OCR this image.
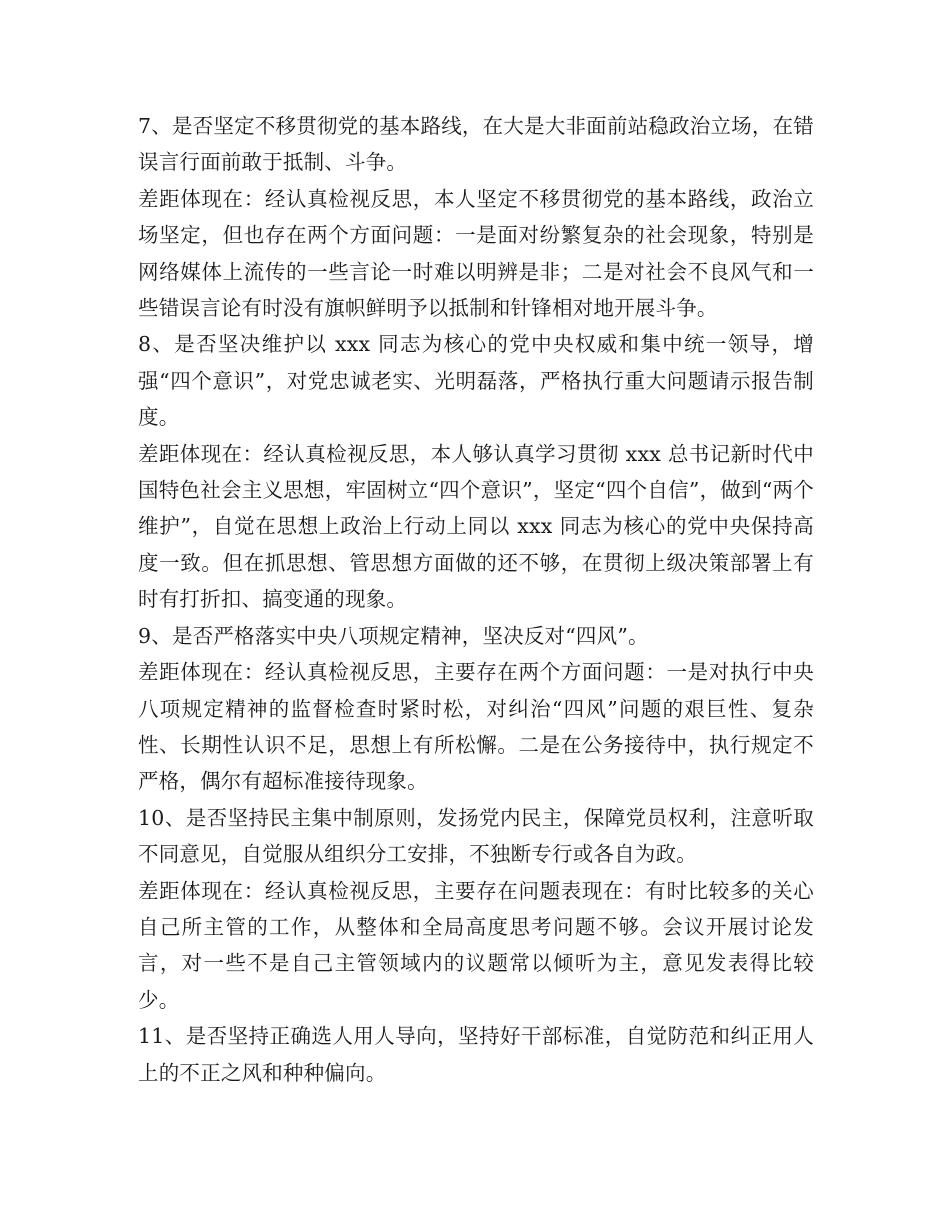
7、是否坚定不移贯彻党的基本路线，在大是大非面前站稳政治立场，在错误言行面前敢于抵制、斗争。

差距体现在：经认真检视反思，本人坚定不移贯彻党的基本路线，政治立场坚定，但也存在两个方面问题：一是面对纷繁复杂的社会现象，特别是网络媒体上流传的一些言论一时难以明辨是非；二是对社会不良风气和一些错误言论有时没有旗帜鲜明予以抵制和针锋相对地开展斗争。

8、是否坚决维护以 xxx 同志为核心的党中央权威和集中统一领导，增强“四个意识”，对党忠诚老实、光明磊落，严格执行重大问题请示报告制度。

差距体现在：经认真检视反思，本人够认真学习贯彻 xxx 总书记新时代中国特色社会主义思想，牢固树立“四个意识”，坚定“四个自信”，做到“两个维护”，自觉在思想上政治上行动上同以 xxx 同志为核心的党中央保持高度一致。但在抓思想、管思想方面做的还不够，在贯彻上级决策部署上有时有打折扣、搞变通的现象。

9、是否严格落实中央八项规定精神，坚决反对“四风”。

差距体现在：经认真检视反思，主要存在两个方面问题：一是对执行中央八项规定精神的监督检查时紧时松，对纠治“四风”问题的艰巨性、复杂性、长期性认识不足，思想上有所松懈。二是在公务接待中，执行规定不严格，偶尔有超标准接待现象。

10、是否坚持民主集中制原则，发扬党内民主，保障党员权利，注意听取不同意见，自觉服从组织分工安排，不独断专行或各自为政。

差距体现在：经认真检视反思，主要存在问题表现在：有时比较多的关心自己所主管的工作，从整体和全局高度思考问题不够。会议开展讨论发言，对一些不是自己主管领域内的议题常以倾听为主，意见发表得比较少。

11、是否坚持正确选人用人导向，坚持好干部标准，自觉防范和纠正用人上的不正之风和种种偏向。
